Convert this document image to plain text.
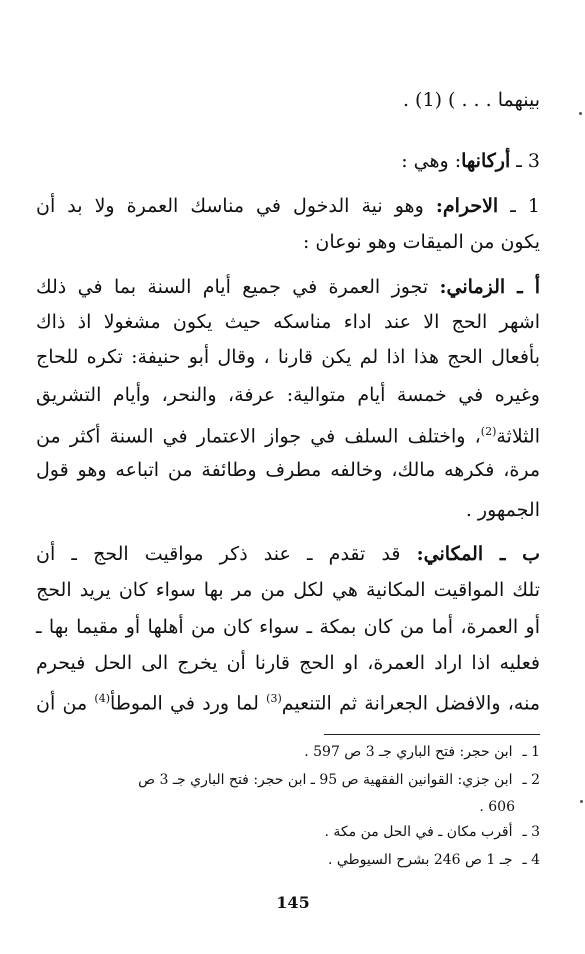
بينهما . . . ) (1) .
3 ـ أركانها: وهي :
1 ـ الاحرام: وهو نية الدخول في مناسك العمرة ولا بد أن
يكون من الميقات وهو نوعان :
أ ـ الزماني: تجوز العمرة في جميع أيام السنة بما في ذلك
اشهر الحج الا عند اداء مناسكه حيث يكون مشغولا اذ ذاك
بأفعال الحج هذا اذا لم يكن قارنا ، وقال أبو حنيفة: تكره للحاج
وغيره في خمسة أيام متوالية: عرفة، والنحر، وأيام التشريق
الثلاثة$^{(2)}$، واختلف السلف في جواز الاعتمار في السنة أكثر من
مرة، فكرهه مالك، وخالفه مطرف وطائفة من اتباعه وهو قول
الجمهور .
ب ـ المكاني: قد تقدم ـ عند ذكر مواقيت الحج ـ أن
تلك المواقيت المكانية هي لكل من مر بها سواء كان يريد الحج
أو العمرة، أما من كان بمكة ـ سواء كان من أهلها أو مقيما بها ـ
فعليه اذا اراد العمرة، او الحج قارنا أن يخرج الى الحل فيحرم
منه، والافضل الجعرانة ثم التنعيم$^{(3)}$ لما ورد في الموطأ$^{(4)}$ من أن
1 ـابن حجر: فتح الباري جـ 3 ص 597 .
2 ـابن جزي: القوانين الفقهية ص 95 ـ ابن حجر: فتح الباري جـ 3 ص
606 .
3 ـأقرب مكان ـ في الحل من مكة .
4 ـجـ 1 ص 246 بشرح السيوطي .
145
